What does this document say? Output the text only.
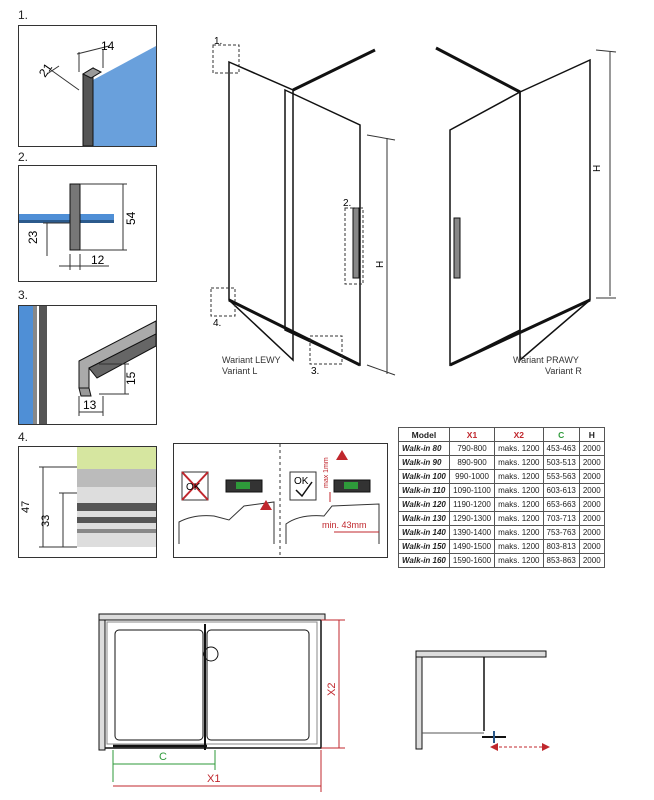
1.
14
21
2.
54
23
12
3.
15
13
4.
47
33
1.
2.
4.
3.
H
Wariant LEWY
Variant L
H
Wariant PRAWY
Variant R
OK
OK max 1mm
min. 43mm
Model	X1	X2	C	H
Walk-in 80	790-800	maks. 1200	453-463	2000
Walk-in 90	890-900	maks. 1200	503-513	2000
Walk-in 100	990-1000	maks. 1200	553-563	2000
Walk-in 110	1090-1100	maks. 1200	603-613	2000
Walk-in 120	1190-1200	maks. 1200	653-663	2000
Walk-in 130	1290-1300	maks. 1200	703-713	2000
Walk-in 140	1390-1400	maks. 1200	753-763	2000
Walk-in 150	1490-1500	maks. 1200	803-813	2000
Walk-in 160	1590-1600	maks. 1200	853-863	2000
X2
C
X1
